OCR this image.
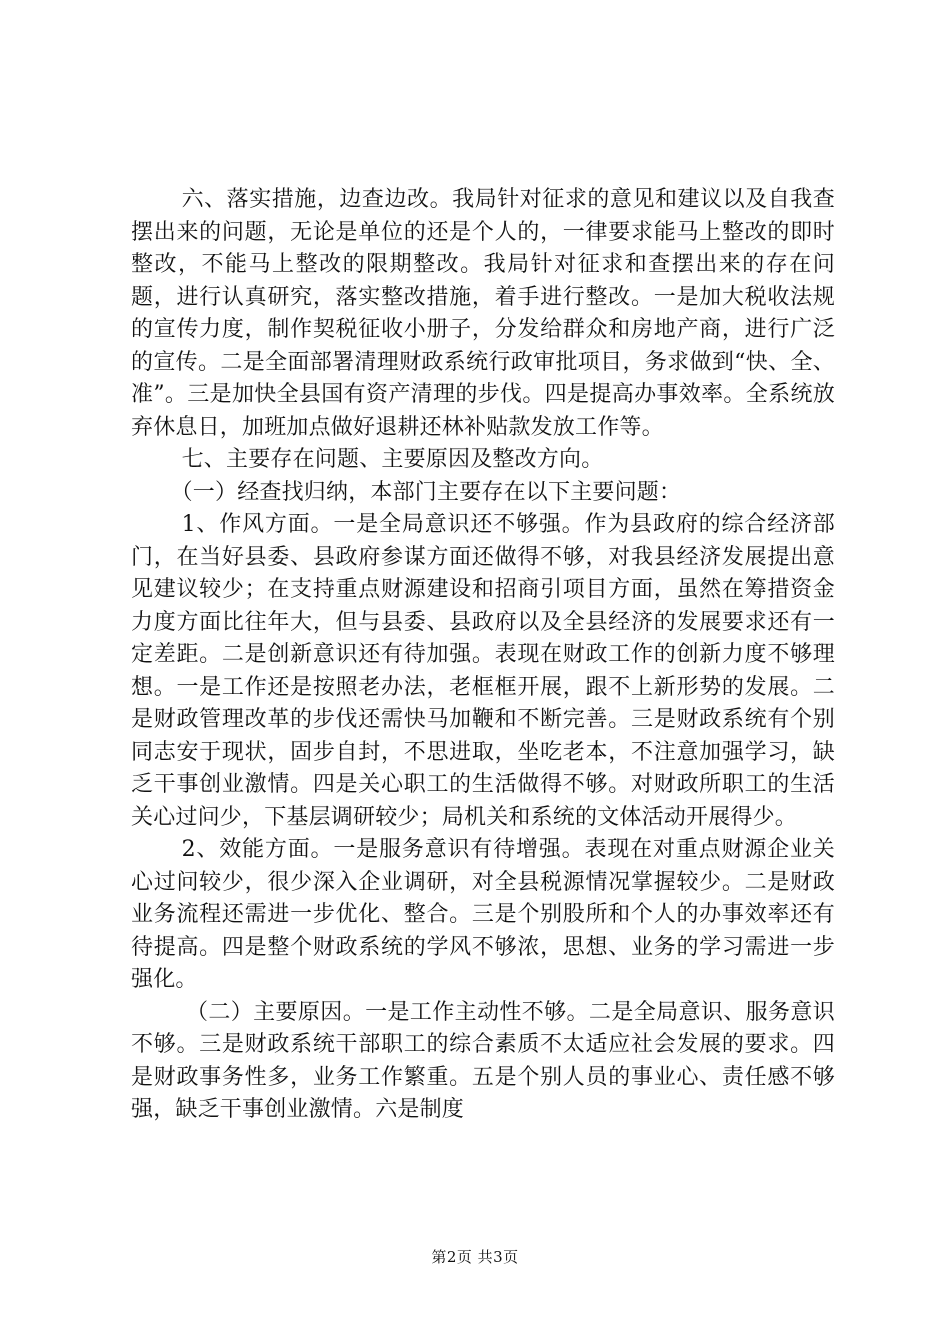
六、落实措施，边查边改。我局针对征求的意见和建议以及自我查摆出来的问题，无论是单位的还是个人的，一律要求能马上整改的即时整改，不能马上整改的限期整改。我局针对征求和查摆出来的存在问题，进行认真研究，落实整改措施，着手进行整改。一是加大税收法规的宣传力度，制作契税征收小册子，分发给群众和房地产商，进行广泛的宣传。二是全面部署清理财政系统行政审批项目，务求做到“快、全、准”。三是加快全县国有资产清理的步伐。四是提高办事效率。全系统放弃休息日，加班加点做好退耕还林补贴款发放工作等。

七、主要存在问题、主要原因及整改方向。

（一）经查找归纳，本部门主要存在以下主要问题：

1、作风方面。一是全局意识还不够强。作为县政府的综合经济部门，在当好县委、县政府参谋方面还做得不够，对我县经济发展提出意见建议较少；在支持重点财源建设和招商引项目方面，虽然在筹措资金力度方面比往年大，但与县委、县政府以及全县经济的发展要求还有一定差距。二是创新意识还有待加强。表现在财政工作的创新力度不够理想。一是工作还是按照老办法，老框框开展，跟不上新形势的发展。二是财政管理改革的步伐还需快马加鞭和不断完善。三是财政系统有个别同志安于现状，固步自封，不思进取，坐吃老本，不注意加强学习，缺乏干事创业激情。四是关心职工的生活做得不够。对财政所职工的生活关心过问少，下基层调研较少；局机关和系统的文体活动开展得少。

2、效能方面。一是服务意识有待增强。表现在对重点财源企业关心过问较少，很少深入企业调研，对全县税源情况掌握较少。二是财政业务流程还需进一步优化、整合。三是个别股所和个人的办事效率还有待提高。四是整个财政系统的学风不够浓，思想、业务的学习需进一步强化。

（二）主要原因。一是工作主动性不够。二是全局意识、服务意识不够。三是财政系统干部职工的综合素质不太适应社会发展的要求。四是财政事务性多，业务工作繁重。五是个别人员的事业心、责任感不够强，缺乏干事创业激情。六是制度

第2页 共3页
